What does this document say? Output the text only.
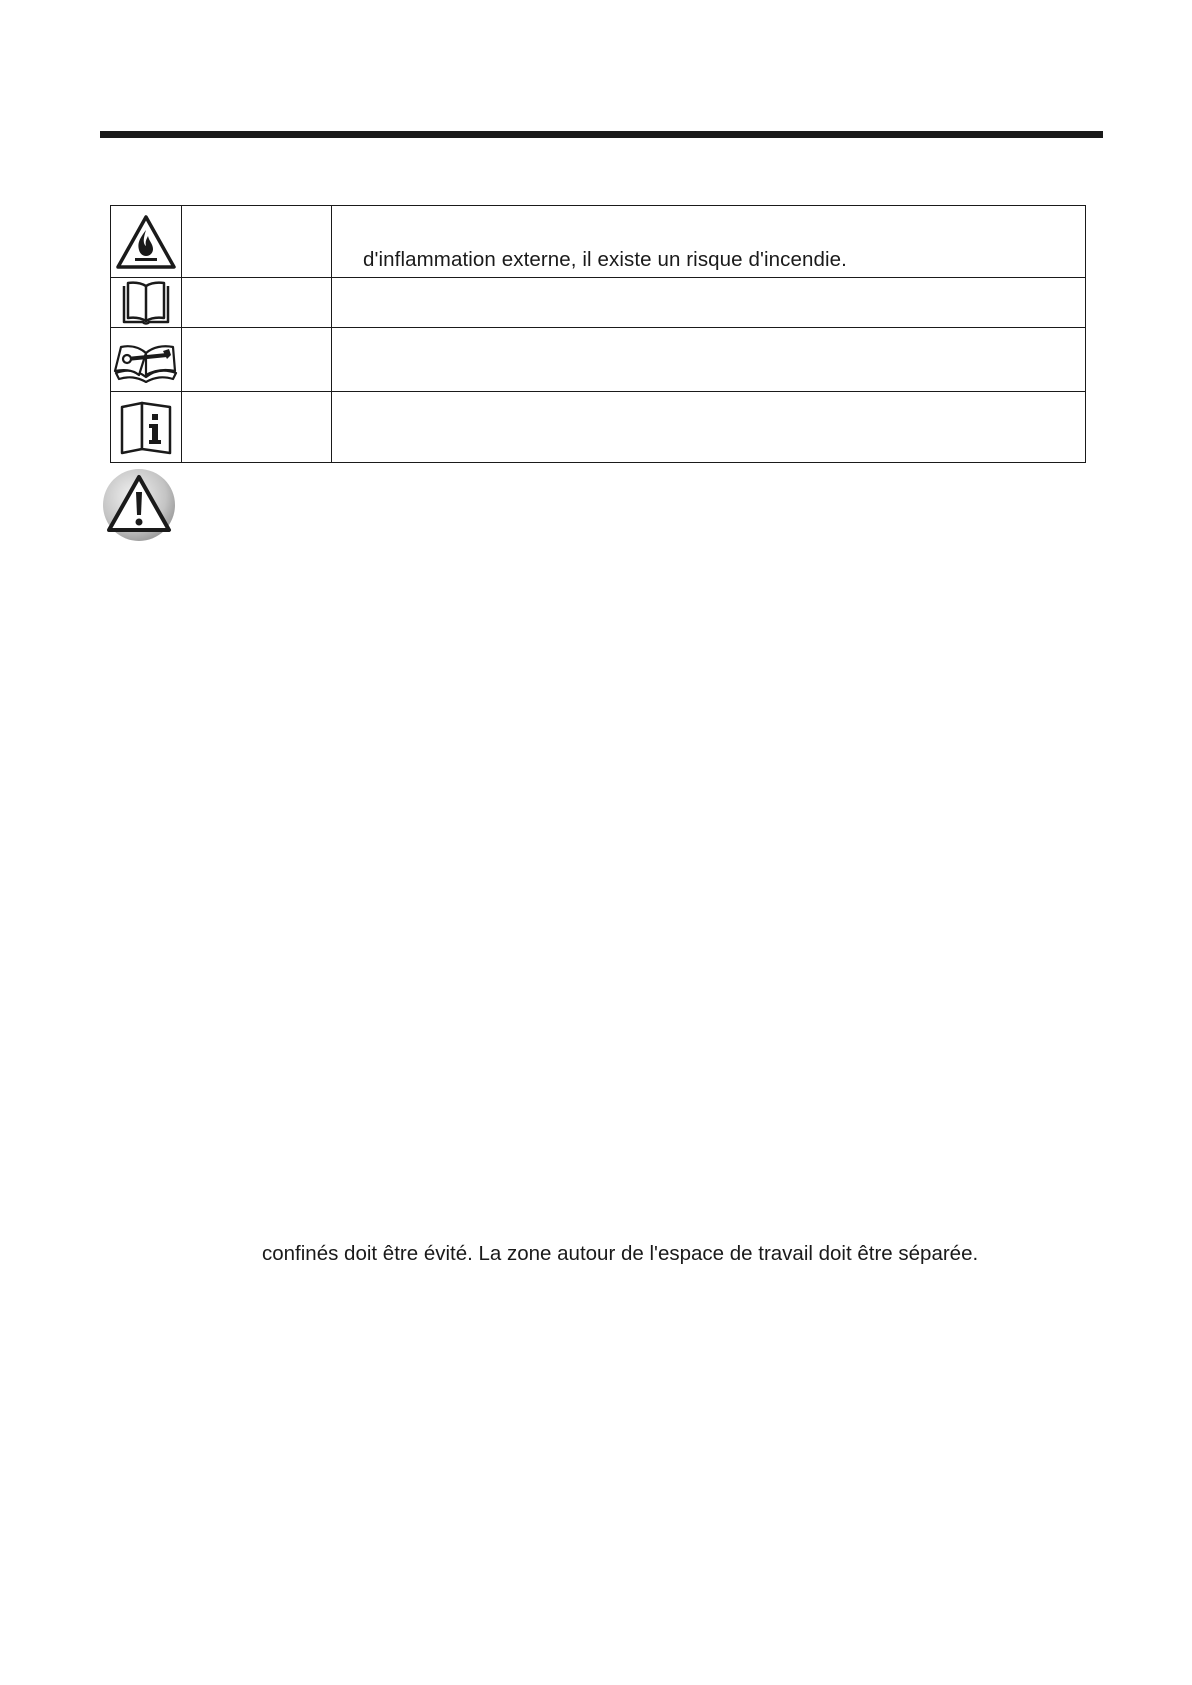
d'inflammation externe, il existe un risque d'incendie.
confinés doit être évité. La zone autour de l'espace de travail doit être séparée.
